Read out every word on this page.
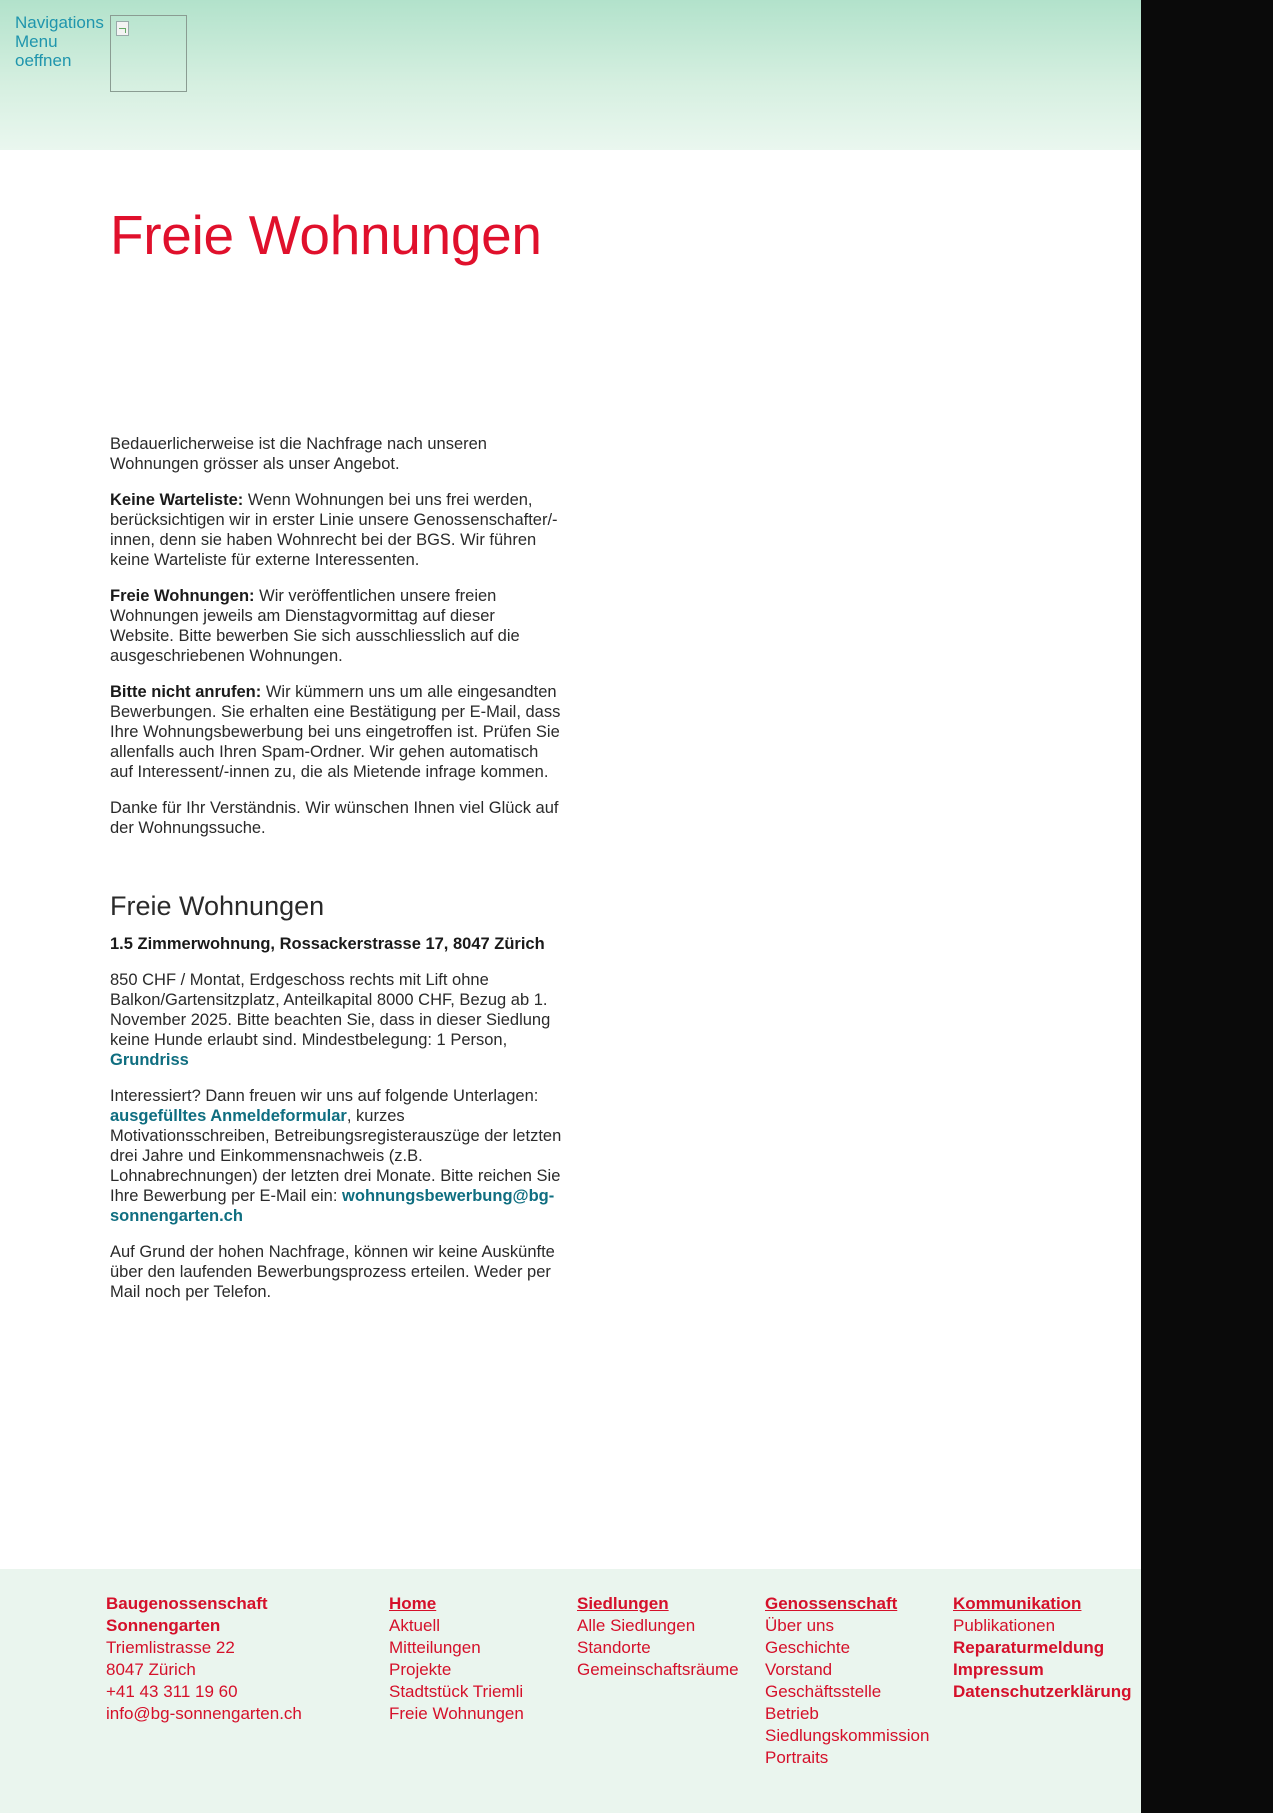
Navigations
Menu
oeffnen
Freie Wohnungen

Bedauerlicherweise ist die Nachfrage nach unseren Wohnungen grösser als unser Angebot.

Keine Warteliste: Wenn Wohnungen bei uns frei werden, berücksichtigen wir in erster Linie unsere Genossenschafter/-innen, denn sie haben Wohnrecht bei der BGS. Wir führen keine Warteliste für externe Interessenten.

Freie Wohnungen: Wir veröffentlichen unsere freien Wohnungen jeweils am Dienstagvormittag auf dieser Website. Bitte bewerben Sie sich ausschliesslich auf die ausgeschriebenen Wohnungen.

Bitte nicht anrufen: Wir kümmern uns um alle eingesandten Bewerbungen. Sie erhalten eine Bestätigung per E-Mail, dass Ihre Wohnungsbewerbung bei uns eingetroffen ist. Prüfen Sie allenfalls auch Ihren Spam-Ordner. Wir gehen automatisch auf Interessent/-innen zu, die als Mietende infrage kommen.

Danke für Ihr Verständnis. Wir wünschen Ihnen viel Glück auf der Wohnungssuche.

Freie Wohnungen
1.5 Zimmerwohnung, Rossackerstrasse 17, 8047 Zürich

850 CHF / Montat, Erdgeschoss rechts mit Lift ohne Balkon/Gartensitzplatz, Anteilkapital 8000 CHF, Bezug ab 1. November 2025. Bitte beachten Sie, dass in dieser Siedlung keine Hunde erlaubt sind. Mindestbelegung: 1 Person, Grundriss

Interessiert? Dann freuen wir uns auf folgende Unterlagen: ausgefülltes Anmeldeformular, kurzes Motivationsschreiben, Betreibungsregisterauszüge der letzten drei Jahre und Einkommensnachweis (z.B. Lohnabrechnungen) der letzten drei Monate. Bitte reichen Sie Ihre Bewerbung per E-Mail ein: wohnungsbewerbung@bg-sonnengarten.ch

Auf Grund der hohen Nachfrage, können wir keine Auskünfte über den laufenden Bewerbungsprozess erteilen. Weder per Mail noch per Telefon.

Baugenossenschaft
Sonnengarten
Triemlistrasse 22
8047 Zürich
+41 43 311 19 60
info@bg-sonnengarten.ch
Home
Aktuell
Mitteilungen
Projekte
Stadtstück Triemli
Freie Wohnungen
Siedlungen
Alle Siedlungen
Standorte
Gemeinschaftsräume
Genossenschaft
Über uns
Geschichte
Vorstand
Geschäftsstelle
Betrieb
Siedlungskommission
Portraits
Kommunikation
Publikationen
Reparaturmeldung
Impressum
Datenschutzerklärung
